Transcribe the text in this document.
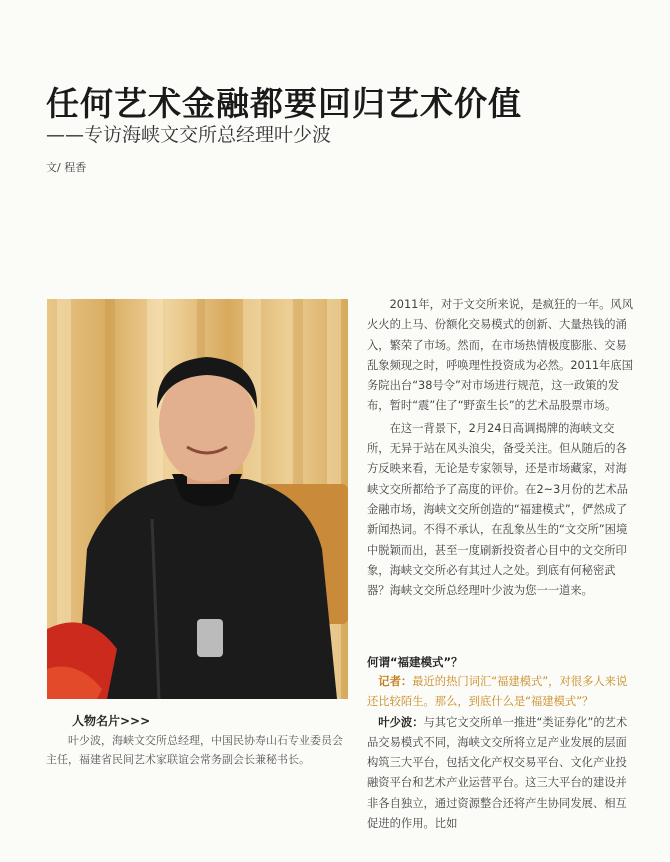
任何艺术金融都要回归艺术价值
——专访海峡文交所总经理叶少波
文/ 程香
人物名片>>>
叶少波，海峡文交所总经理，中国民协寿山石专业委员会主任，福建省民间艺术家联谊会常务副会长兼秘书长。

2011年，对于文交所来说，是疯狂的一年。风风火火的上马、份额化交易模式的创新、大量热钱的涌入，繁荣了市场。然而，在市场热情极度膨胀、交易乱象频现之时，呼唤理性投资成为必然。2011年底国务院出台“38号令”对市场进行规范，这一政策的发布，暂时“震”住了“野蛮生长”的艺术品股票市场。

在这一背景下，2月24日高调揭牌的海峡文交所，无异于站在风头浪尖，备受关注。但从随后的各方反映来看，无论是专家领导，还是市场藏家，对海峡文交所都给予了高度的评价。在2~3月份的艺术品金融市场，海峡文交所创造的“福建模式”，俨然成了新闻热词。不得不承认，在乱象丛生的“文交所”困境中脱颖而出，甚至一度刷新投资者心目中的文交所印象，海峡文交所必有其过人之处。到底有何秘密武器？海峡文交所总经理叶少波为您一一道来。

何谓“福建模式”？

记者：最近的热门词汇“福建模式”，对很多人来说还比较陌生。那么，到底什么是“福建模式”？

叶少波：与其它文交所单一推进“类证券化”的艺术品交易模式不同，海峡文交所将立足产业发展的层面构筑三大平台，包括文化产权交易平台、文化产业投融资平台和艺术产业运营平台。这三大平台的建设并非各自独立，通过资源整合还将产生协同发展、相互促进的作用。比如
